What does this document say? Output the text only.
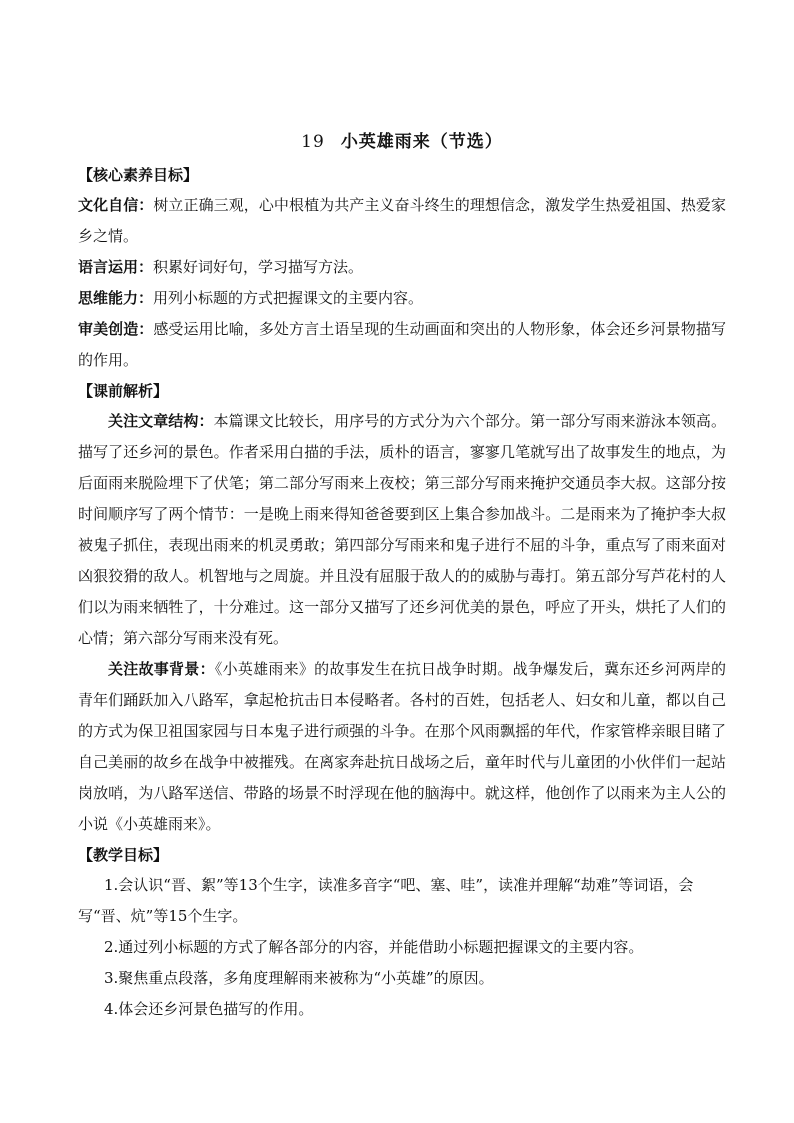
19 小英雄雨来（节选）

【核心素养目标】

文化自信：树立正确三观，心中根植为共产主义奋斗终生的理想信念，激发学生热爱祖国、热爱家乡之情。

语言运用：积累好词好句，学习描写方法。

思维能力：用列小标题的方式把握课文的主要内容。

审美创造：感受运用比喻，多处方言土语呈现的生动画面和突出的人物形象，体会还乡河景物描写的作用。

【课前解析】

关注文章结构：本篇课文比较长，用序号的方式分为六个部分。第一部分写雨来游泳本领高。描写了还乡河的景色。作者采用白描的手法，质朴的语言，寥寥几笔就写出了故事发生的地点，为后面雨来脱险埋下了伏笔；第二部分写雨来上夜校；第三部分写雨来掩护交通员李大叔。这部分按时间顺序写了两个情节：一是晚上雨来得知爸爸要到区上集合参加战斗。二是雨来为了掩护李大叔被鬼子抓住，表现出雨来的机灵勇敢；第四部分写雨来和鬼子进行不屈的斗争，重点写了雨来面对凶狠狡猾的敌人。机智地与之周旋。并且没有屈服于敌人的的威胁与毒打。第五部分写芦花村的人们以为雨来牺牲了，十分难过。这一部分又描写了还乡河优美的景色，呼应了开头，烘托了人们的心情；第六部分写雨来没有死。

关注故事背景：《小英雄雨来》的故事发生在抗日战争时期。战争爆发后，冀东还乡河两岸的青年们踊跃加入八路军，拿起枪抗击日本侵略者。各村的百姓，包括老人、妇女和儿童，都以自己的方式为保卫祖国家园与日本鬼子进行顽强的斗争。在那个风雨飘摇的年代，作家管桦亲眼目睹了自己美丽的故乡在战争中被摧残。在离家奔赴抗日战场之后，童年时代与儿童团的小伙伴们一起站岗放哨，为八路军送信、带路的场景不时浮现在他的脑海中。就这样，他创作了以雨来为主人公的小说《小英雄雨来》。

【教学目标】

1.会认识“晋、絮”等13个生字，读准多音字“吧、塞、哇”，读准并理解“劫难”等词语，会写“晋、炕”等15个生字。

2.通过列小标题的方式了解各部分的内容，并能借助小标题把握课文的主要内容。

3.聚焦重点段落，多角度理解雨来被称为“小英雄”的原因。

4.体会还乡河景色描写的作用。
